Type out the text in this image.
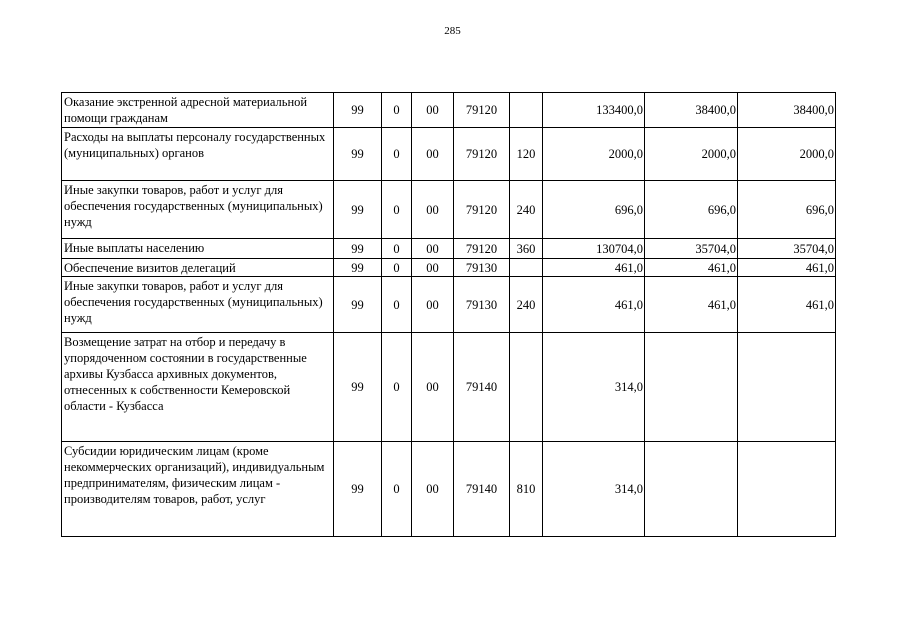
285
Оказание экстренной адресной материальной помощи гражданам	99	0	00	79120		133400,0	38400,0	38400,0
Расходы на выплаты персоналу государственных (муниципальных) органов	99	0	00	79120	120	2000,0	2000,0	2000,0
Иные закупки товаров, работ и услуг для обеспечения государственных (муниципальных) нужд	99	0	00	79120	240	696,0	696,0	696,0
Иные выплаты населению	99	0	00	79120	360	130704,0	35704,0	35704,0
Обеспечение визитов делегаций	99	0	00	79130		461,0	461,0	461,0
Иные закупки товаров, работ и услуг для обеспечения государственных (муниципальных) нужд	99	0	00	79130	240	461,0	461,0	461,0
Возмещение затрат на отбор и передачу в упорядоченном состоянии в государственные архивы Кузбасса архивных документов, отнесенных к собственности Кемеровской области - Кузбасса	99	0	00	79140		314,0		
Субсидии юридическим лицам (кроме некоммерческих организаций), индивидуальным предпринимателям, физическим лицам - производителям товаров, работ, услуг	99	0	00	79140	810	314,0		
